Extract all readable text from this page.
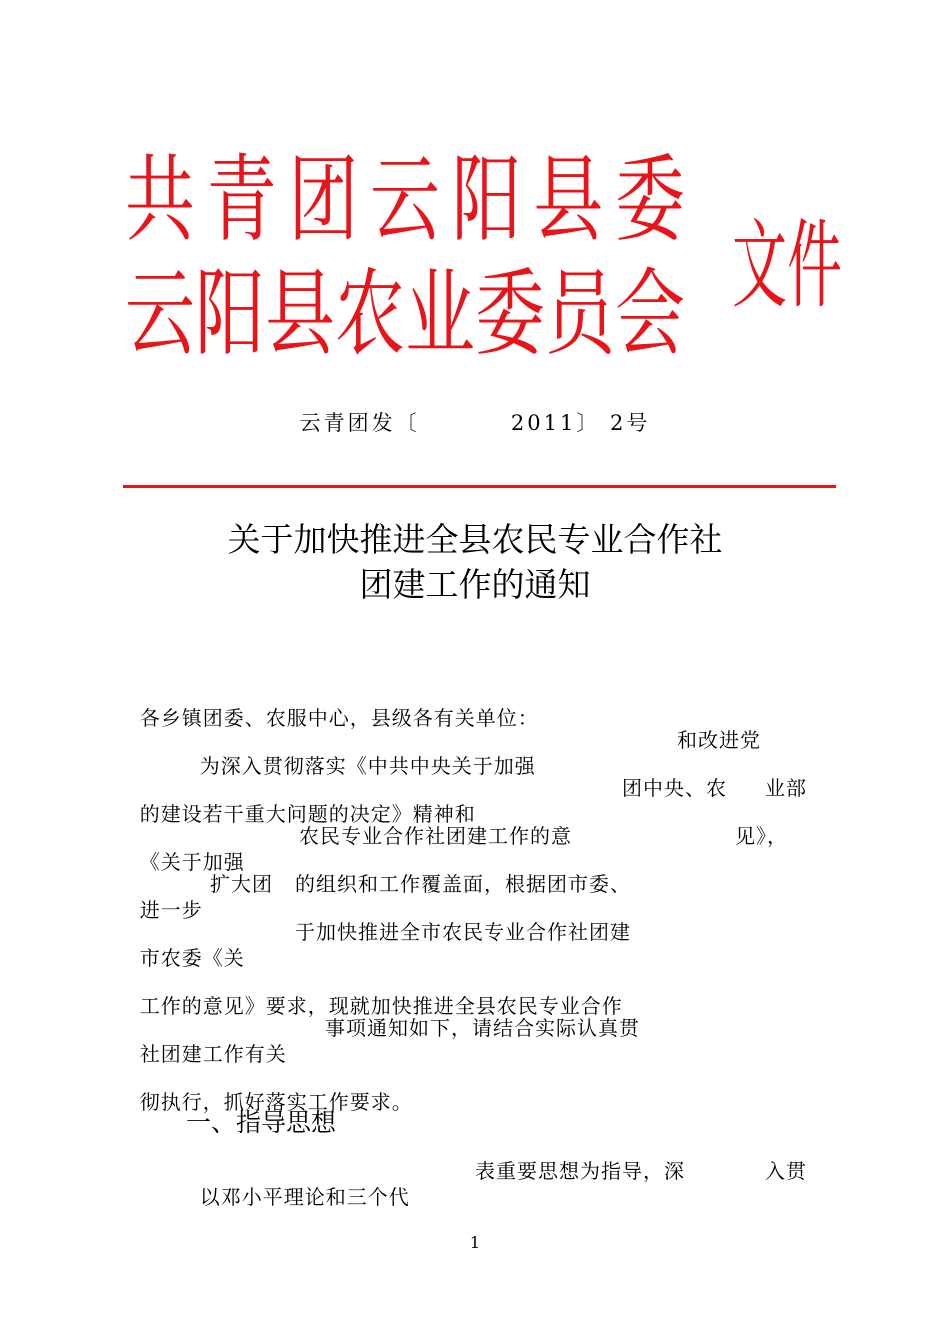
共 青 团 云 阳 县 委
云 阳 县 农 业 委 员 会 文 件
云青团发〔 　　　 2011〕 2号
关于加快推进全县农民专业合作社
团建工作的通知

各乡镇团委、农服中心，县级各有关单位：

为深入贯彻落实《中共中央关于加强

和改进党

的建设若干重大问题的决定》精神和

团中央、农

业部

《关于加强

农民专业合作社团建工作的意

	见》，

进一步

扩大团

的组织和工作覆盖面，根据团市委、

市农委《关

于加快推进全市农民专业合作社团建

工作的意见》要求，现就加快推进全县农民专业合作

社团建工作有关

事项通知如下，请结合实际认真贯

彻执行，抓好落实工作要求。

一、指导思想

以邓小平理论和三个代

表重要思想为指导，深

	入贯

1
